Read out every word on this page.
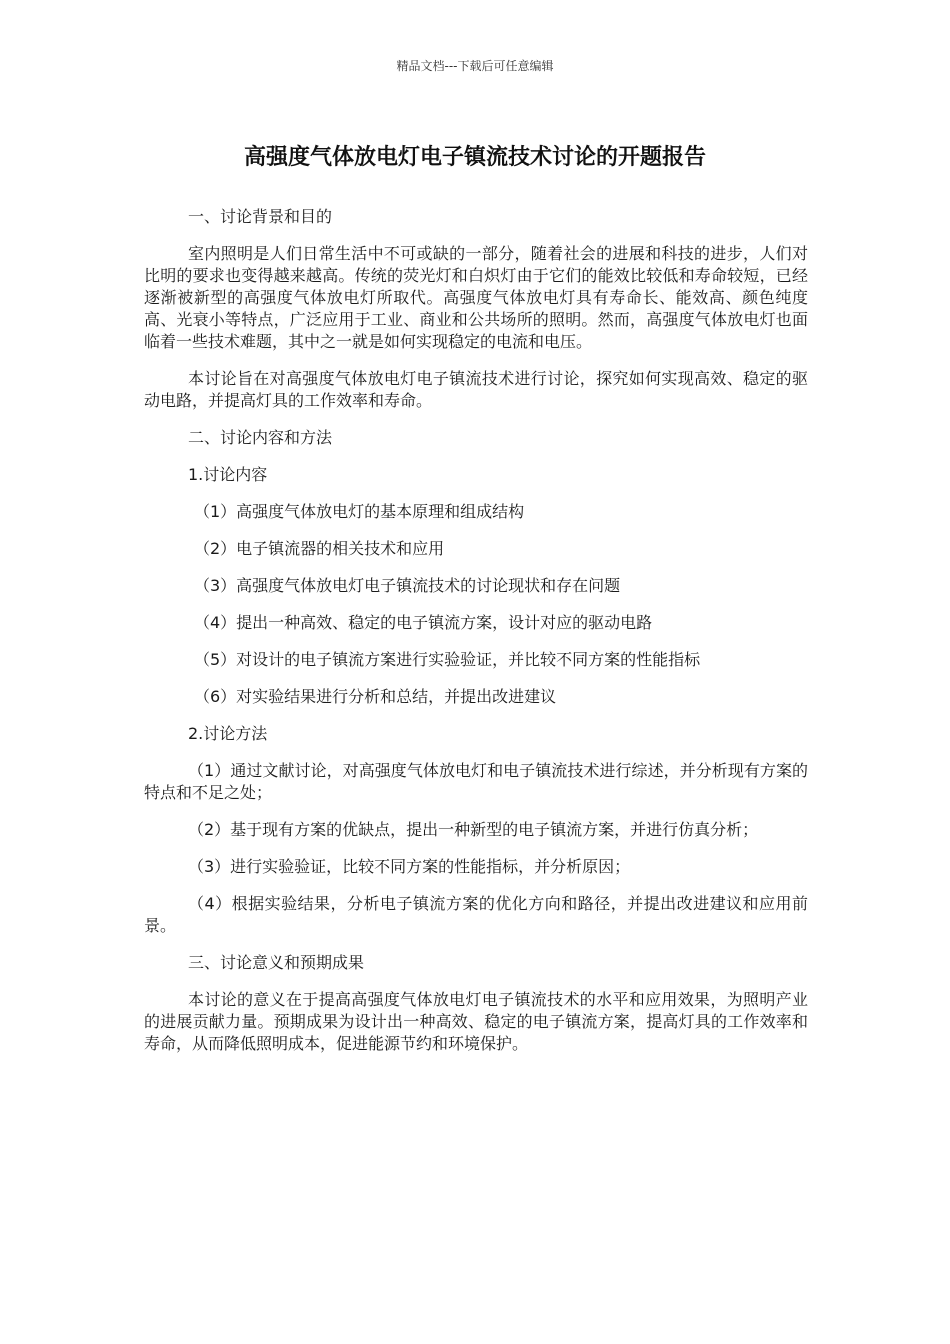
精品文档---下载后可任意编辑
高强度气体放电灯电子镇流技术讨论的开题报告

一、讨论背景和目的

室内照明是人们日常生活中不可或缺的一部分，随着社会的进展和科技的进步，人们对比明的要求也变得越来越高。传统的荧光灯和白炽灯由于它们的能效比较低和寿命较短，已经逐渐被新型的高强度气体放电灯所取代。高强度气体放电灯具有寿命长、能效高、颜色纯度高、光衰小等特点，广泛应用于工业、商业和公共场所的照明。然而，高强度气体放电灯也面临着一些技术难题，其中之一就是如何实现稳定的电流和电压。

本讨论旨在对高强度气体放电灯电子镇流技术进行讨论，探究如何实现高效、稳定的驱动电路，并提高灯具的工作效率和寿命。

二、讨论内容和方法

1.讨论内容

（1）高强度气体放电灯的基本原理和组成结构

（2）电子镇流器的相关技术和应用

（3）高强度气体放电灯电子镇流技术的讨论现状和存在问题

（4）提出一种高效、稳定的电子镇流方案，设计对应的驱动电路

（5）对设计的电子镇流方案进行实验验证，并比较不同方案的性能指标

（6）对实验结果进行分析和总结，并提出改进建议

2.讨论方法

（1）通过文献讨论，对高强度气体放电灯和电子镇流技术进行综述，并分析现有方案的特点和不足之处；

（2）基于现有方案的优缺点，提出一种新型的电子镇流方案，并进行仿真分析；

（3）进行实验验证，比较不同方案的性能指标，并分析原因；

（4）根据实验结果，分析电子镇流方案的优化方向和路径，并提出改进建议和应用前景。

三、讨论意义和预期成果

本讨论的意义在于提高高强度气体放电灯电子镇流技术的水平和应用效果，为照明产业的进展贡献力量。预期成果为设计出一种高效、稳定的电子镇流方案，提高灯具的工作效率和寿命，从而降低照明成本，促进能源节约和环境保护。
